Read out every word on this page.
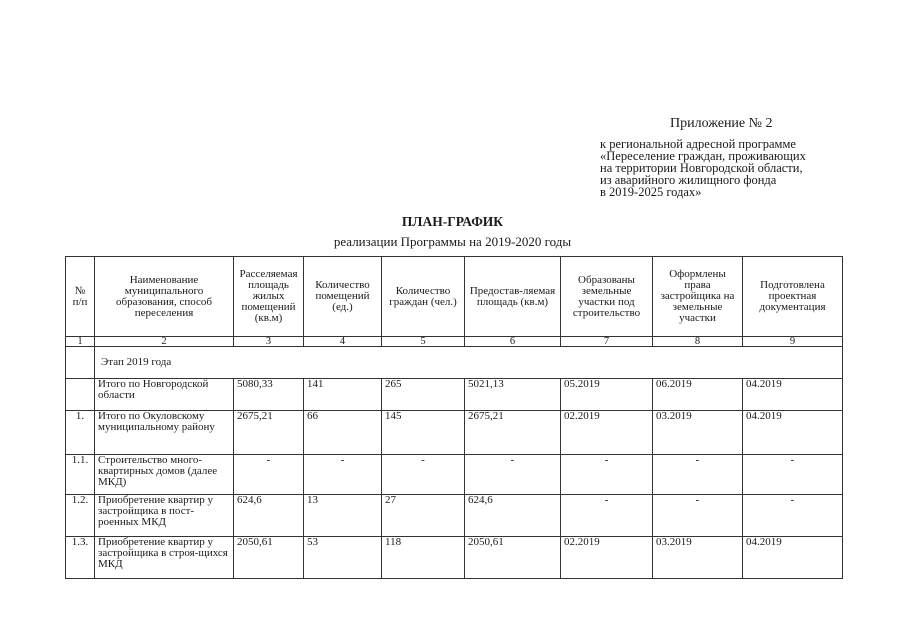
Приложение № 2
к региональной адресной программе
«Переселение граждан, проживающих
на территории Новгородской области,
из аварийного жилищного фонда
в 2019-2025 годах»
ПЛАН-ГРАФИК
реализации Программы на 2019-2020 годы
№ п/п	Наименование муниципального образования, способ переселения	Расселяемая площадь жилых помещений (кв.м)	Количество помещений (ед.)	Количество граждан (чел.)	Предостав-ляемая площадь (кв.м)	Образованы земельные участки под строительство	Оформлены права застройщика на земельные участки	Подготовлена проектная документация
1	2	3	4	5	6	7	8	9
	Этап 2019 года							
	Итого по Новгородской области	5080,33	141	265	5021,13	05.2019	06.2019	04.2019
1.	Итого по Окуловскому муниципальному району	2675,21	66	145	2675,21	02.2019	03.2019	04.2019
1.1.	Строительство много-квартирных домов (далее МКД)	-	-	-	-	-	-	-
1.2.	Приобретение квартир у застройщика в пост-роенных МКД	624,6	13	27	624,6	-	-	-
1.3.	Приобретение квартир у застройщика в строя-щихся МКД	2050,61	53	118	2050,61	02.2019	03.2019	04.2019
